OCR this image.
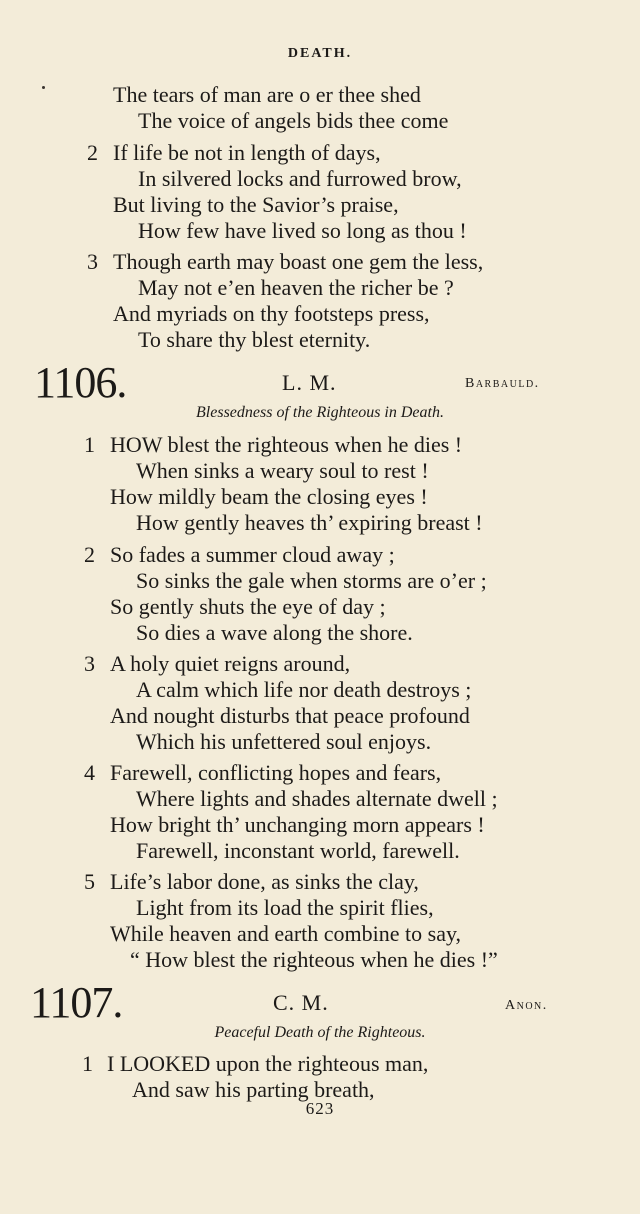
DEATH.
The tears of man are o er thee shed
The voice of angels bids thee come
2 If life be not in length of days,
In silvered locks and furrowed brow,
But living to the Savior’s praise,
How few have lived so long as thou !
3 Though earth may boast one gem the less,
May not e’en heaven the richer be ?
And myriads on thy footsteps press,
To share thy blest eternity.
1106.	L. M.	Barbauld.
Blessedness of the Righteous in Death.
1 HOW blest the righteous when he dies !
When sinks a weary soul to rest !
How mildly beam the closing eyes !
How gently heaves th’ expiring breast !
2 So fades a summer cloud away ;
So sinks the gale when storms are o’er ;
So gently shuts the eye of day ;
So dies a wave along the shore.
3 A holy quiet reigns around,
A calm which life nor death destroys ;
And nought disturbs that peace profound
Which his unfettered soul enjoys.
4 Farewell, conflicting hopes and fears,
Where lights and shades alternate dwell ;
How bright th’ unchanging morn appears !
Farewell, inconstant world, farewell.
5 Life’s labor done, as sinks the clay,
Light from its load the spirit flies,
While heaven and earth combine to say,
“ How blest the righteous when he dies !”
1107.	C. M.	Anon.
Peaceful Death of the Righteous.
1 I LOOKED upon the righteous man,
And saw his parting breath,
623
